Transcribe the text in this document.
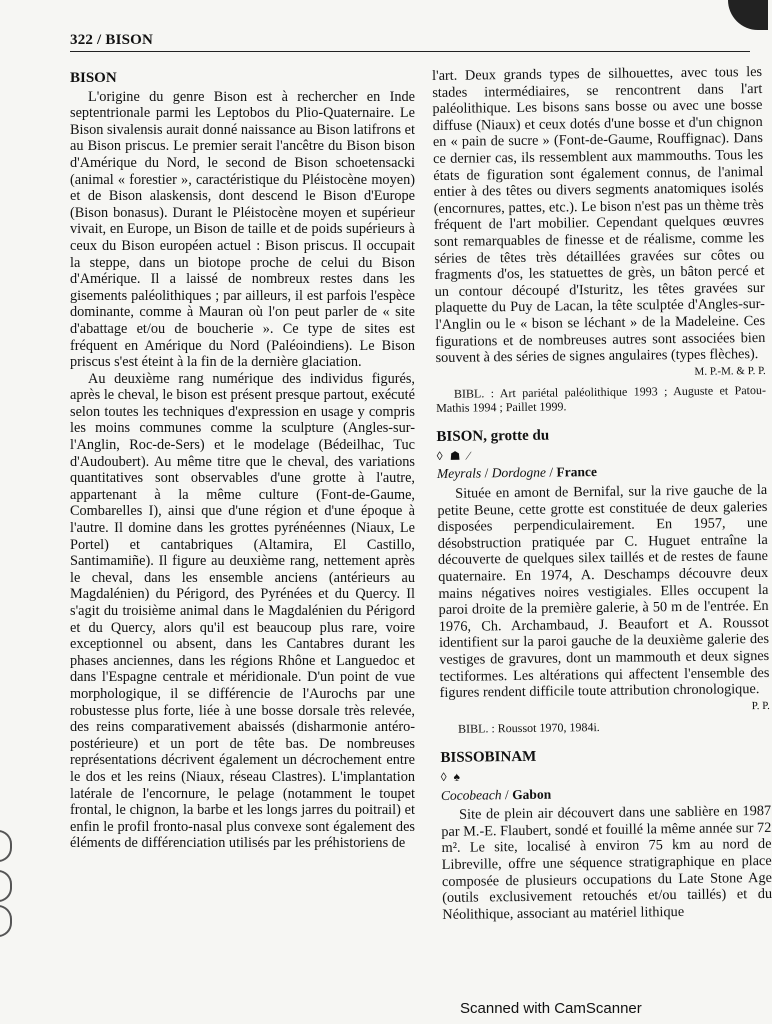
322 / BISON
BISON

L'origine du genre Bison est à rechercher en Inde septentrionale parmi les Leptobos du Plio-Quaternaire. Le Bison sivalensis aurait donné naissance au Bison latifrons et au Bison priscus. Le premier serait l'ancêtre du Bison bison d'Amérique du Nord, le second de Bison schoetensacki (animal « forestier », caractéristique du Pléistocène moyen) et de Bison alaskensis, dont descend le Bison d'Europe (Bison bonasus). Durant le Pléistocène moyen et supérieur vivait, en Europe, un Bison de taille et de poids supérieurs à ceux du Bison européen actuel : Bison priscus. Il occupait la steppe, dans un biotope proche de celui du Bison d'Amérique. Il a laissé de nombreux restes dans les gisements paléolithiques ; par ailleurs, il est parfois l'espèce dominante, comme à Mauran où l'on peut parler de « site d'abattage et/ou de boucherie ». Ce type de sites est fréquent en Amérique du Nord (Paléoindiens). Le Bison priscus s'est éteint à la fin de la dernière glaciation.

Au deuxième rang numérique des individus figurés, après le cheval, le bison est présent presque partout, exécuté selon toutes les techniques d'expression en usage y compris les moins communes comme la sculpture (Angles-sur-l'Anglin, Roc-de-Sers) et le modelage (Bédeilhac, Tuc d'Audoubert). Au même titre que le cheval, des variations quantitatives sont observables d'une grotte à l'autre, appartenant à la même culture (Font-de-Gaume, Combarelles I), ainsi que d'une région et d'une époque à l'autre. Il domine dans les grottes pyrénéennes (Niaux, Le Portel) et cantabriques (Altamira, El Castillo, Santimamiñe). Il figure au deuxième rang, nettement après le cheval, dans les ensemble anciens (antérieurs au Magdalénien) du Périgord, des Pyrénées et du Quercy. Il s'agit du troisième animal dans le Magdalénien du Périgord et du Quercy, alors qu'il est beaucoup plus rare, voire exceptionnel ou absent, dans les Cantabres durant les phases anciennes, dans les régions Rhône et Languedoc et dans l'Espagne centrale et méridionale. D'un point de vue morphologique, il se différencie de l'Aurochs par une robustesse plus forte, liée à une bosse dorsale très relevée, des reins comparativement abaissés (disharmonie antéro-postérieure) et un port de tête bas. De nombreuses représentations décrivent également un décrochement entre le dos et les reins (Niaux, réseau Clastres). L'implantation latérale de l'encornure, le pelage (notamment le toupet frontal, le chignon, la barbe et les longs jarres du poitrail) et enfin le profil fronto-nasal plus convexe sont également des éléments de différenciation utilisés par les préhistoriens de

l'art. Deux grands types de silhouettes, avec tous les stades intermédiaires, se rencontrent dans l'art paléolithique. Les bisons sans bosse ou avec une bosse diffuse (Niaux) et ceux dotés d'une bosse et d'un chignon en « pain de sucre » (Font-de-Gaume, Rouffignac). Dans ce dernier cas, ils ressemblent aux mammouths. Tous les états de figuration sont également connus, de l'animal entier à des têtes ou divers segments anatomiques isolés (encornures, pattes, etc.). Le bison n'est pas un thème très fréquent de l'art mobilier. Cependant quelques œuvres sont remarquables de finesse et de réalisme, comme les séries de têtes très détaillées gravées sur côtes ou fragments d'os, les statuettes de grès, un bâton percé et un contour découpé d'Isturitz, les têtes gravées sur plaquette du Puy de Lacan, la tête sculptée d'Angles-sur-l'Anglin ou le « bison se léchant » de la Madeleine. Ces figurations et de nombreuses autres sont associées bien souvent à des séries de signes angulaires (types flèches).

M. P.-M. & P. P.
BIBL. : Art pariétal paléolithique 1993 ; Auguste et Patou-Mathis 1994 ; Paillet 1999.
BISON, grotte du
◊ ☗ ∕
Meyrals / Dordogne / France

Située en amont de Bernifal, sur la rive gauche de la petite Beune, cette grotte est constituée de deux galeries disposées perpendiculairement. En 1957, une désobstruction pratiquée par C. Huguet entraîne la découverte de quelques silex taillés et de restes de faune quaternaire. En 1974, A. Deschamps découvre deux mains négatives noires vestigiales. Elles occupent la paroi droite de la première galerie, à 50 m de l'entrée. En 1976, Ch. Archambaud, J. Beaufort et A. Roussot identifient sur la paroi gauche de la deuxième galerie des vestiges de gravures, dont un mammouth et deux signes tectiformes. Les altérations qui affectent l'ensemble des figures rendent difficile toute attribution chronologique.

P. P.
BIBL. : Roussot 1970, 1984i.
BISSOBINAM
◊ ♠
Cocobeach / Gabon

Site de plein air découvert dans une sablière en 1987 par M.-E. Flaubert, sondé et fouillé la même année sur 72 m². Le site, localisé à environ 75 km au nord de Libreville, offre une séquence stratigraphique en place composée de plusieurs occupations du Late Stone Age (outils exclusivement retouchés et/ou taillés) et du Néolithique, associant au matériel lithique

Scanned with CamScanner
